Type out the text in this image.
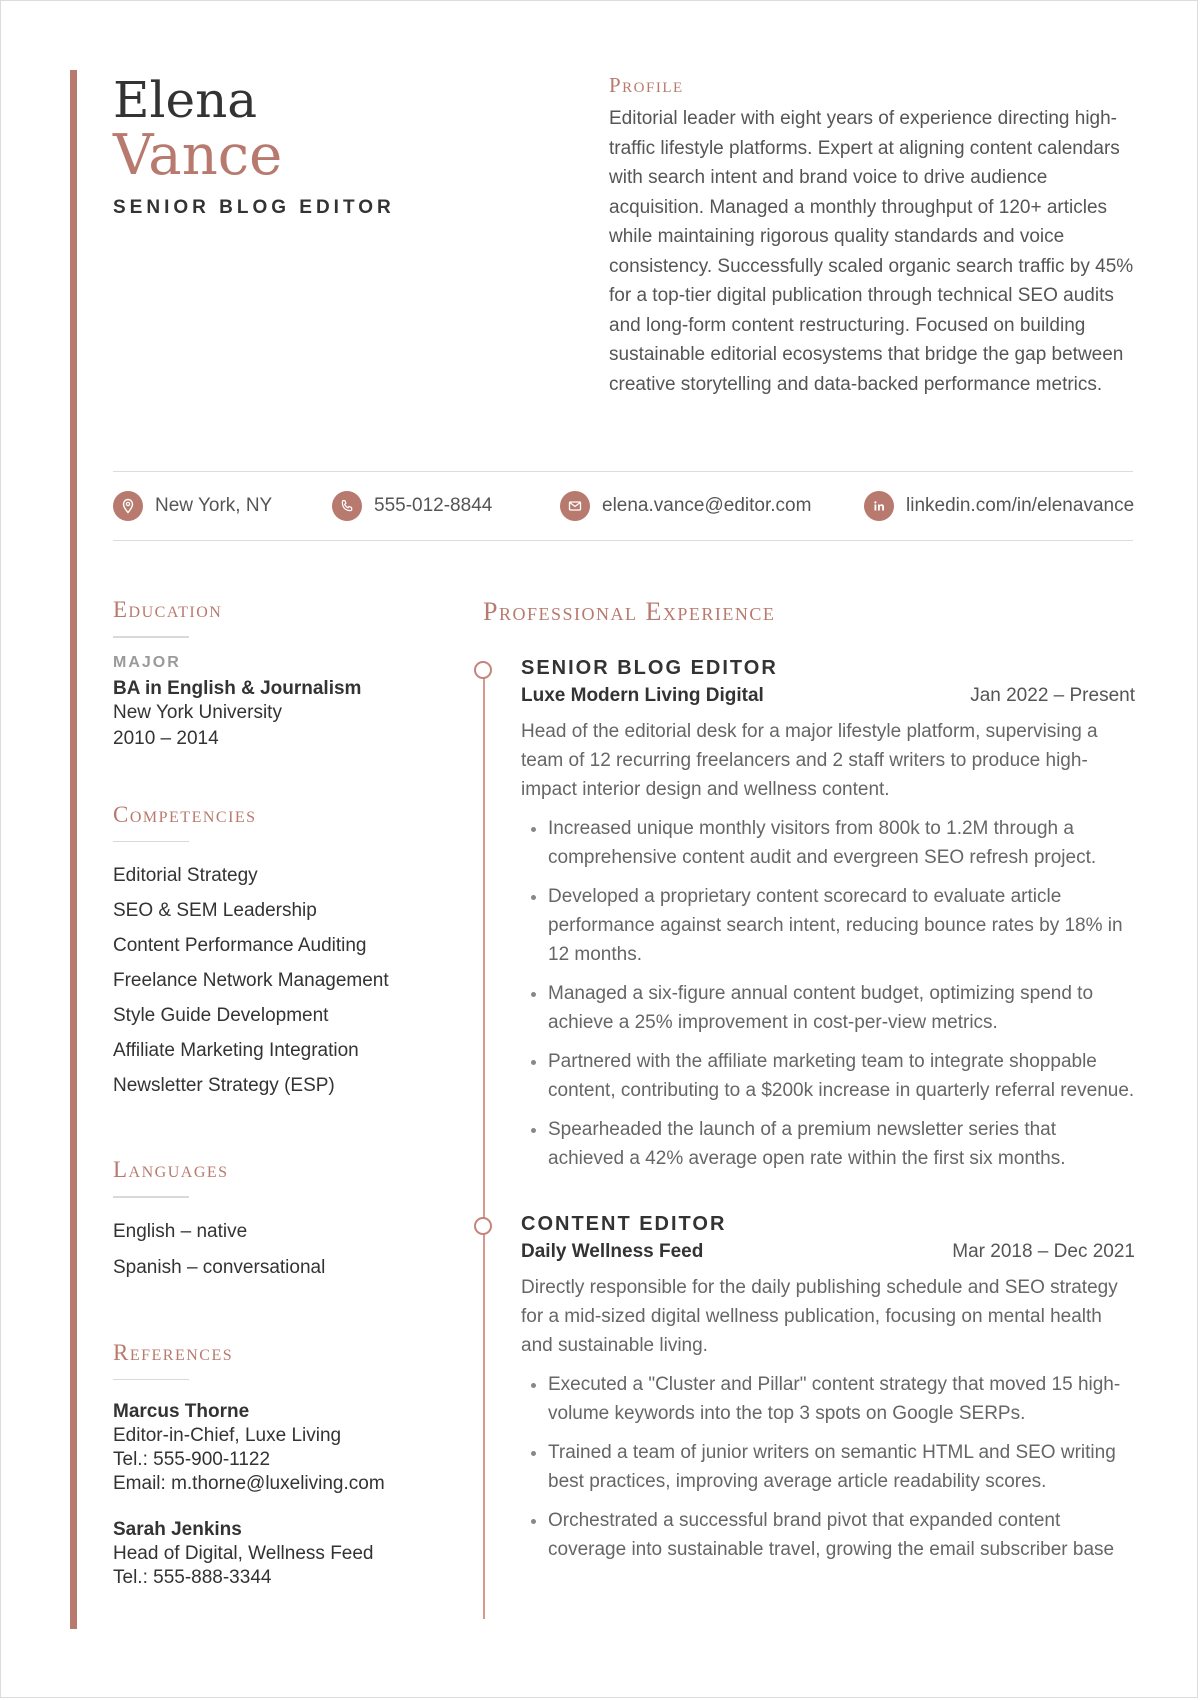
Elena
Vance
SENIOR BLOG EDITOR
Profile
Editorial leader with eight years of experience directing high-traffic lifestyle platforms. Expert at aligning content calendars with search intent and brand voice to drive audience acquisition. Managed a monthly throughput of 120+ articles while maintaining rigorous quality standards and voice consistency. Successfully scaled organic search traffic by 45% for a top-tier digital publication through technical SEO audits and long-form content restructuring. Focused on building sustainable editorial ecosystems that bridge the gap between creative storytelling and data-backed performance metrics.
New York, NY	555-012-8844	elena.vance@editor.com	linkedin.com/in/elenavance
Education
MAJOR
BA in English & Journalism
New York University
2010 – 2014
Competencies
Editorial Strategy
SEO & SEM Leadership
Content Performance Auditing
Freelance Network Management
Style Guide Development
Affiliate Marketing Integration
Newsletter Strategy (ESP)
Languages
English – native
Spanish – conversational
References
Marcus Thorne
Editor-in-Chief, Luxe Living
Tel.: 555-900-1122
Email: m.thorne@luxeliving.com
Sarah Jenkins
Head of Digital, Wellness Feed
Tel.: 555-888-3344
Professional Experience
SENIOR BLOG EDITOR
Luxe Modern Living Digital	Jan 2022 – Present
Head of the editorial desk for a major lifestyle platform, supervising a team of 12 recurring freelancers and 2 staff writers to produce high-impact interior design and wellness content.
• Increased unique monthly visitors from 800k to 1.2M through a comprehensive content audit and evergreen SEO refresh project.
• Developed a proprietary content scorecard to evaluate article performance against search intent, reducing bounce rates by 18% in 12 months.
• Managed a six-figure annual content budget, optimizing spend to achieve a 25% improvement in cost-per-view metrics.
• Partnered with the affiliate marketing team to integrate shoppable content, contributing to a $200k increase in quarterly referral revenue.
• Spearheaded the launch of a premium newsletter series that achieved a 42% average open rate within the first six months.
CONTENT EDITOR
Daily Wellness Feed	Mar 2018 – Dec 2021
Directly responsible for the daily publishing schedule and SEO strategy for a mid-sized digital wellness publication, focusing on mental health and sustainable living.
• Executed a "Cluster and Pillar" content strategy that moved 15 high-volume keywords into the top 3 spots on Google SERPs.
• Trained a team of junior writers on semantic HTML and SEO writing best practices, improving average article readability scores.
• Orchestrated a successful brand pivot that expanded content coverage into sustainable travel, growing the email subscriber base
